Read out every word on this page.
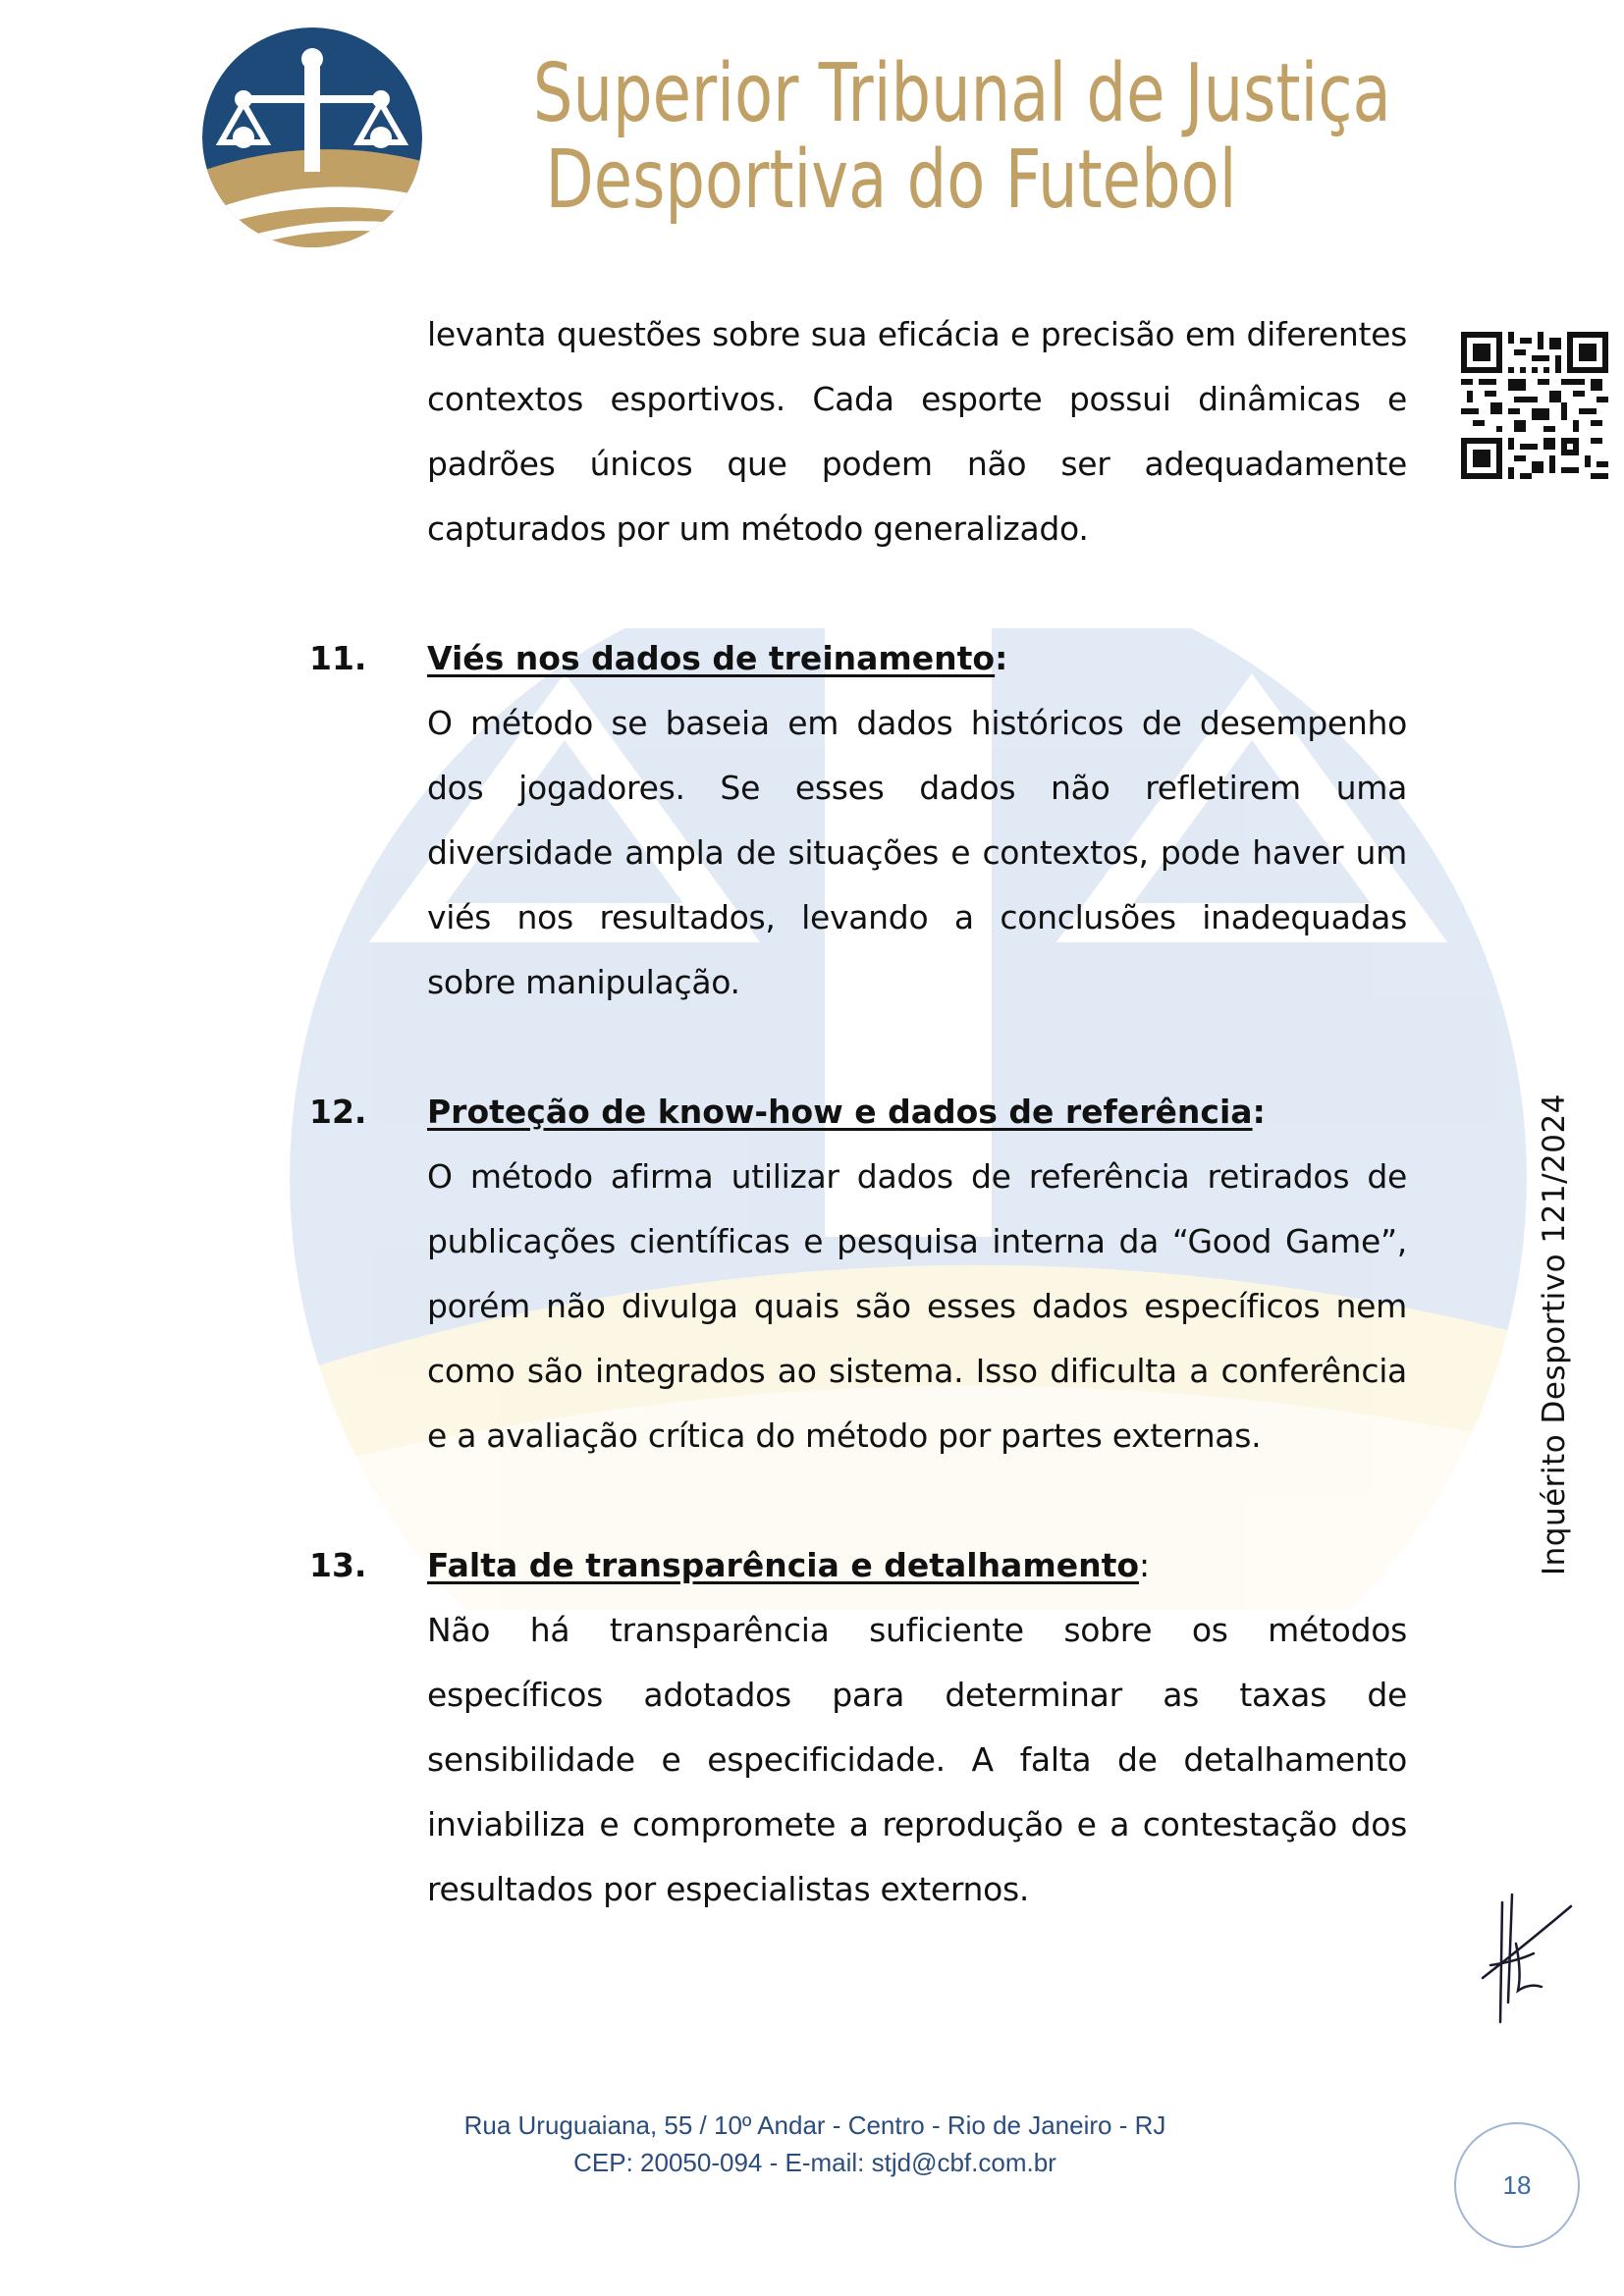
Superior Tribunal de Justiça
Desportiva do Futebol

levanta questões sobre sua eficácia e precisão em diferentes contextos esportivos. Cada esporte possui dinâmicas e padrões únicos que podem não ser adequadamente capturados por um método generalizado.

11. Viés nos dados de treinamento:

O método se baseia em dados históricos de desempenho dos jogadores. Se esses dados não refletirem uma diversidade ampla de situações e contextos, pode haver um viés nos resultados, levando a conclusões inadequadas sobre manipulação.

12. Proteção de know-how e dados de referência:

O método afirma utilizar dados de referência retirados de publicações científicas e pesquisa interna da “Good Game”, porém não divulga quais são esses dados específicos nem como são integrados ao sistema. Isso dificulta a conferência e a avaliação crítica do método por partes externas.

13. Falta de transparência e detalhamento:

Não há transparência suficiente sobre os métodos específicos adotados para determinar as taxas de sensibilidade e especificidade. A falta de detalhamento inviabiliza e compromete a reprodução e a contestação dos resultados por especialistas externos.

Inquérito Desportivo 121/2024
Rua Uruguaiana, 55 / 10º Andar - Centro - Rio de Janeiro - RJ
CEP: 20050-094 - E-mail: stjd@cbf.com.br
18
